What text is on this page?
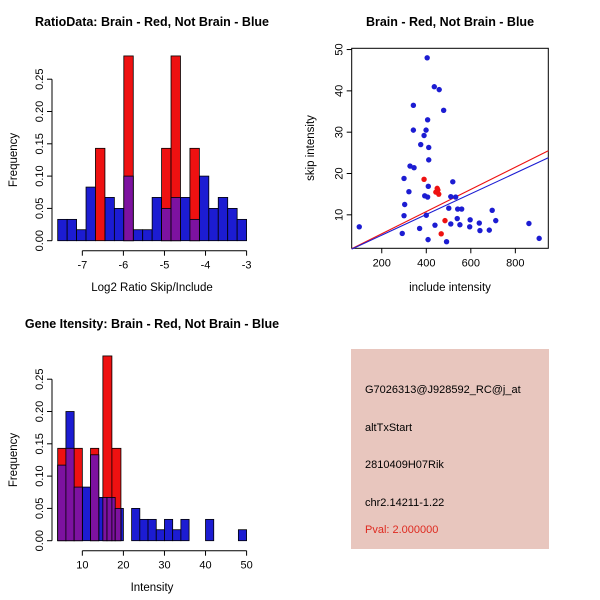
RatioData: Brain - Red, Not Brain - Blue
Log2 Ratio Skip/Include
Frequency
-7	-6	-5	-4	-3
0.00
0.05
0.10
0.15
0.20
0.25
Brain - Red, Not Brain - Blue
include intensity
skip intensity
200 400 600 800
10
20
30
40
50
Gene Itensity: Brain - Red, Not Brain - Blue
Intensity
Frequency
10	20	30	40	50
0.00
0.05
0.10
0.15
0.20
0.25
G7026313@J928592_RC@j_at
altTxStart
2810409H07Rik
chr2.14211-1.22
Pval: 2.000000
